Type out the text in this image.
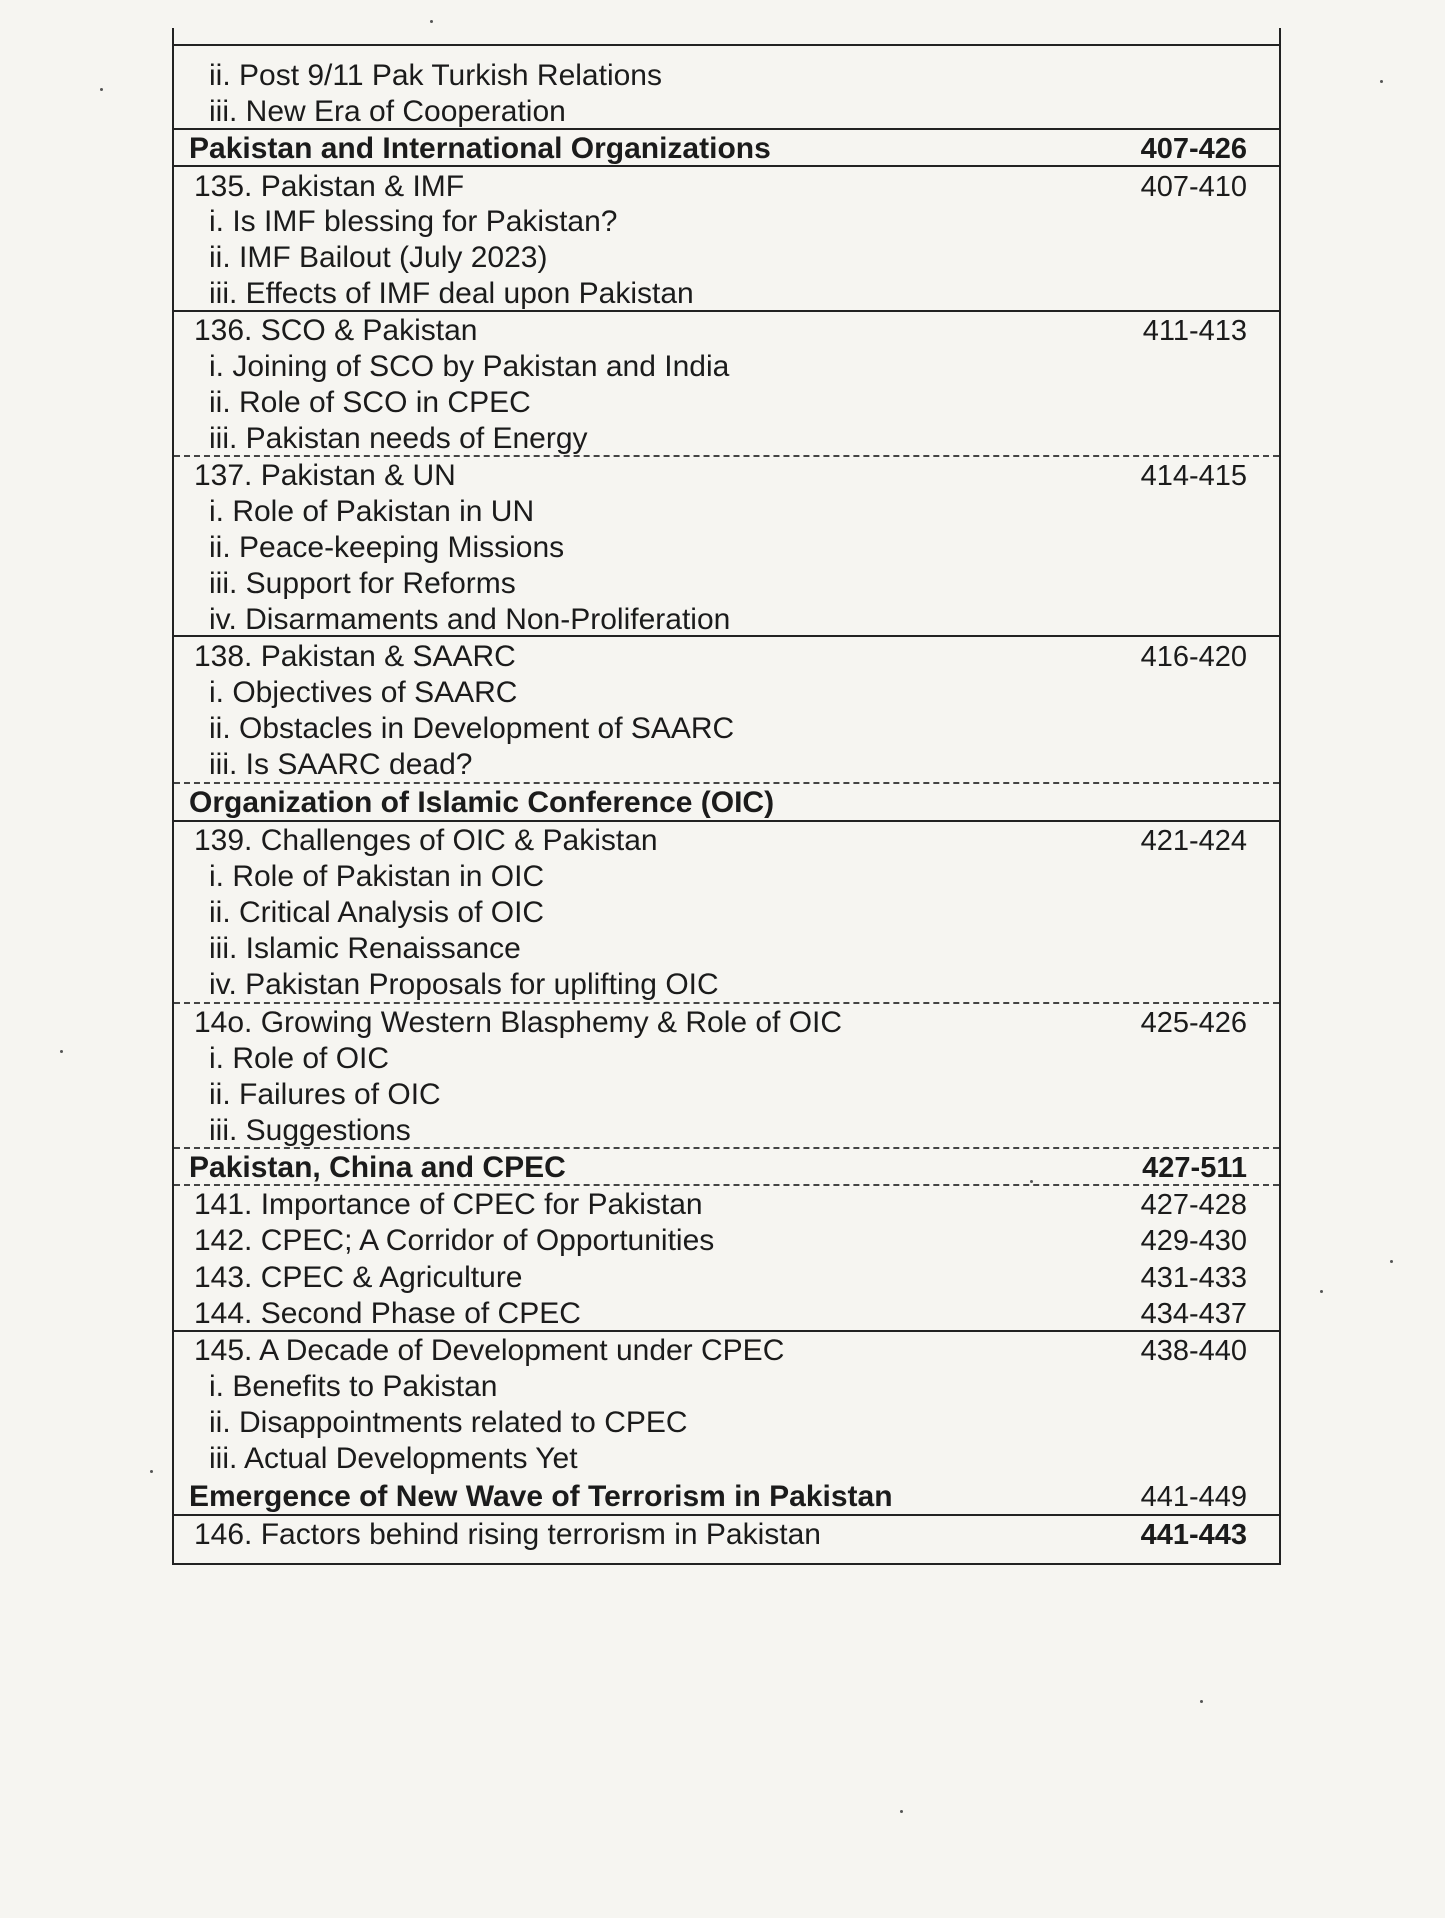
ii. Post 9/11 Pak Turkish Relations
iii. New Era of Cooperation
Pakistan and International Organizations	407-426
135. Pakistan & IMF	407-410
i. Is IMF blessing for Pakistan?
ii. IMF Bailout (July 2023)
iii. Effects of IMF deal upon Pakistan
136. SCO & Pakistan	411-413
i. Joining of SCO by Pakistan and India
ii. Role of SCO in CPEC
iii. Pakistan needs of Energy
137. Pakistan & UN	414-415
i. Role of Pakistan in UN
ii. Peace-keeping Missions
iii. Support for Reforms
iv. Disarmaments and Non-Proliferation
138. Pakistan & SAARC	416-420
i. Objectives of SAARC
ii. Obstacles in Development of SAARC
iii. Is SAARC dead?
Organization of Islamic Conference (OIC)
139. Challenges of OIC & Pakistan	421-424
i. Role of Pakistan in OIC
ii. Critical Analysis of OIC
iii. Islamic Renaissance
iv. Pakistan Proposals for uplifting OIC
14o. Growing Western Blasphemy & Role of OIC	425-426
i. Role of OIC
ii. Failures of OIC
iii. Suggestions
Pakistan, China and CPEC	427-511
141. Importance of CPEC for Pakistan	427-428
142. CPEC; A Corridor of Opportunities	429-430
143. CPEC & Agriculture	431-433
144. Second Phase of CPEC	434-437
145. A Decade of Development under CPEC	438-440
i. Benefits to Pakistan
ii. Disappointments related to CPEC
iii. Actual Developments Yet
Emergence of New Wave of Terrorism in Pakistan	441-449
146. Factors behind rising terrorism in Pakistan	441-443
